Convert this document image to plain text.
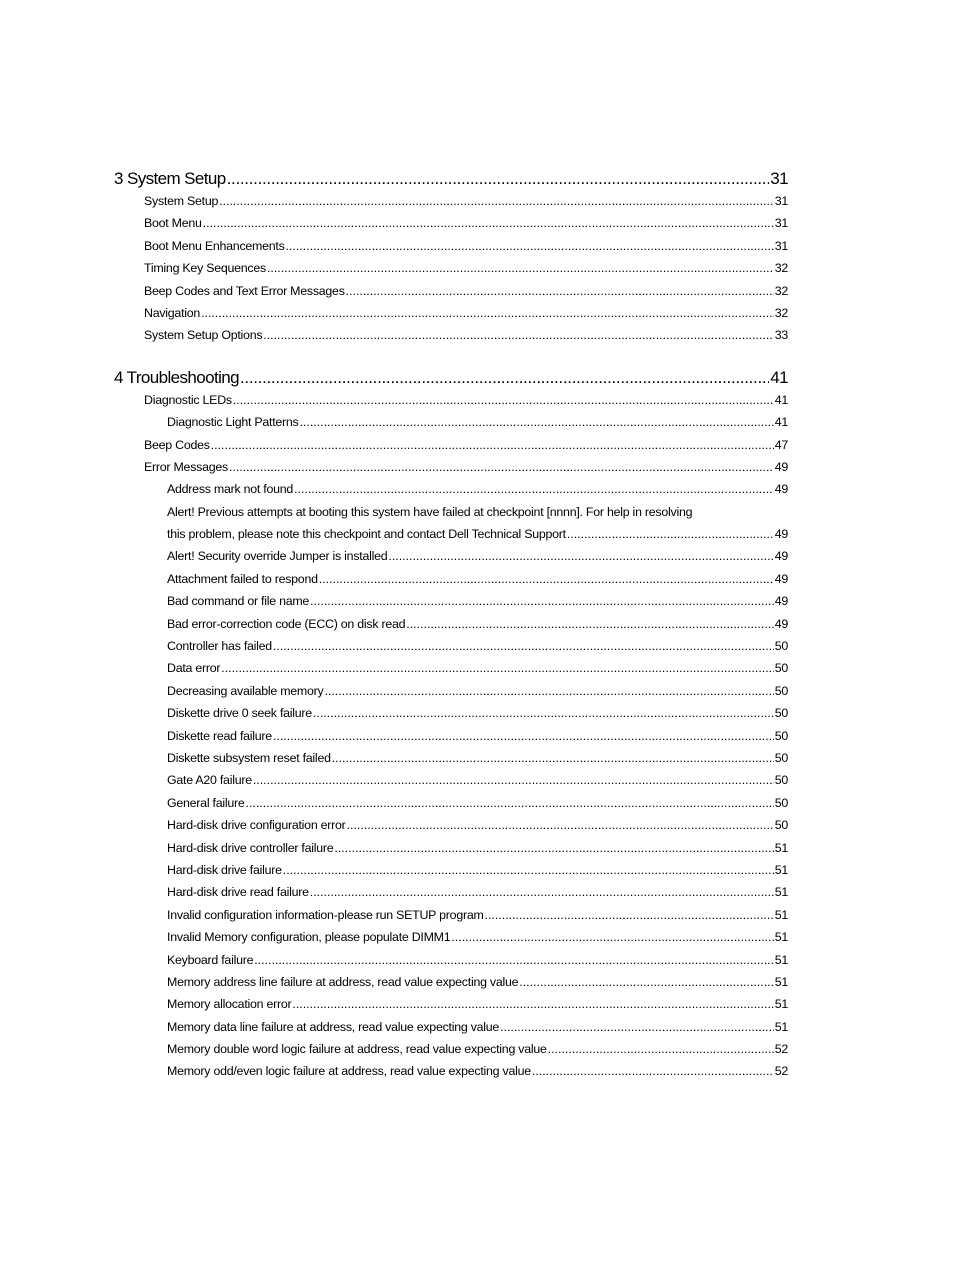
3 System Setup .....	31
System Setup .....	31
Boot Menu .....	31
Boot Menu Enhancements .....	31
Timing Key Sequences .....	32
Beep Codes and Text Error Messages .....	32
Navigation .....	32
System Setup Options .....	33
4 Troubleshooting .....	41
Diagnostic LEDs .....	41
Diagnostic Light Patterns .....	41
Beep Codes .....	47
Error Messages .....	49
Address mark not found .....	49
Alert! Previous attempts at booting this system have failed at checkpoint [nnnn]. For help in resolving
this problem, please note this checkpoint and contact Dell Technical Support .....	49
Alert! Security override Jumper is installed .....	49
Attachment failed to respond .....	49
Bad command or file name .....	49
Bad error-correction code (ECC) on disk read .....	49
Controller has failed .....	50
Data error .....	50
Decreasing available memory .....	50
Diskette drive 0 seek failure .....	50
Diskette read failure .....	50
Diskette subsystem reset failed .....	50
Gate A20 failure .....	50
General failure .....	50
Hard-disk drive configuration error .....	50
Hard-disk drive controller failure .....	51
Hard-disk drive failure .....	51
Hard-disk drive read failure .....	51
Invalid configuration information-please run SETUP program .....	51
Invalid Memory configuration, please populate DIMM1 .....	51
Keyboard failure .....	51
Memory address line failure at address, read value expecting value .....	51
Memory allocation error .....	51
Memory data line failure at address, read value expecting value .....	51
Memory double word logic failure at address, read value expecting value .....	52
Memory odd/even logic failure at address, read value expecting value .....	52
